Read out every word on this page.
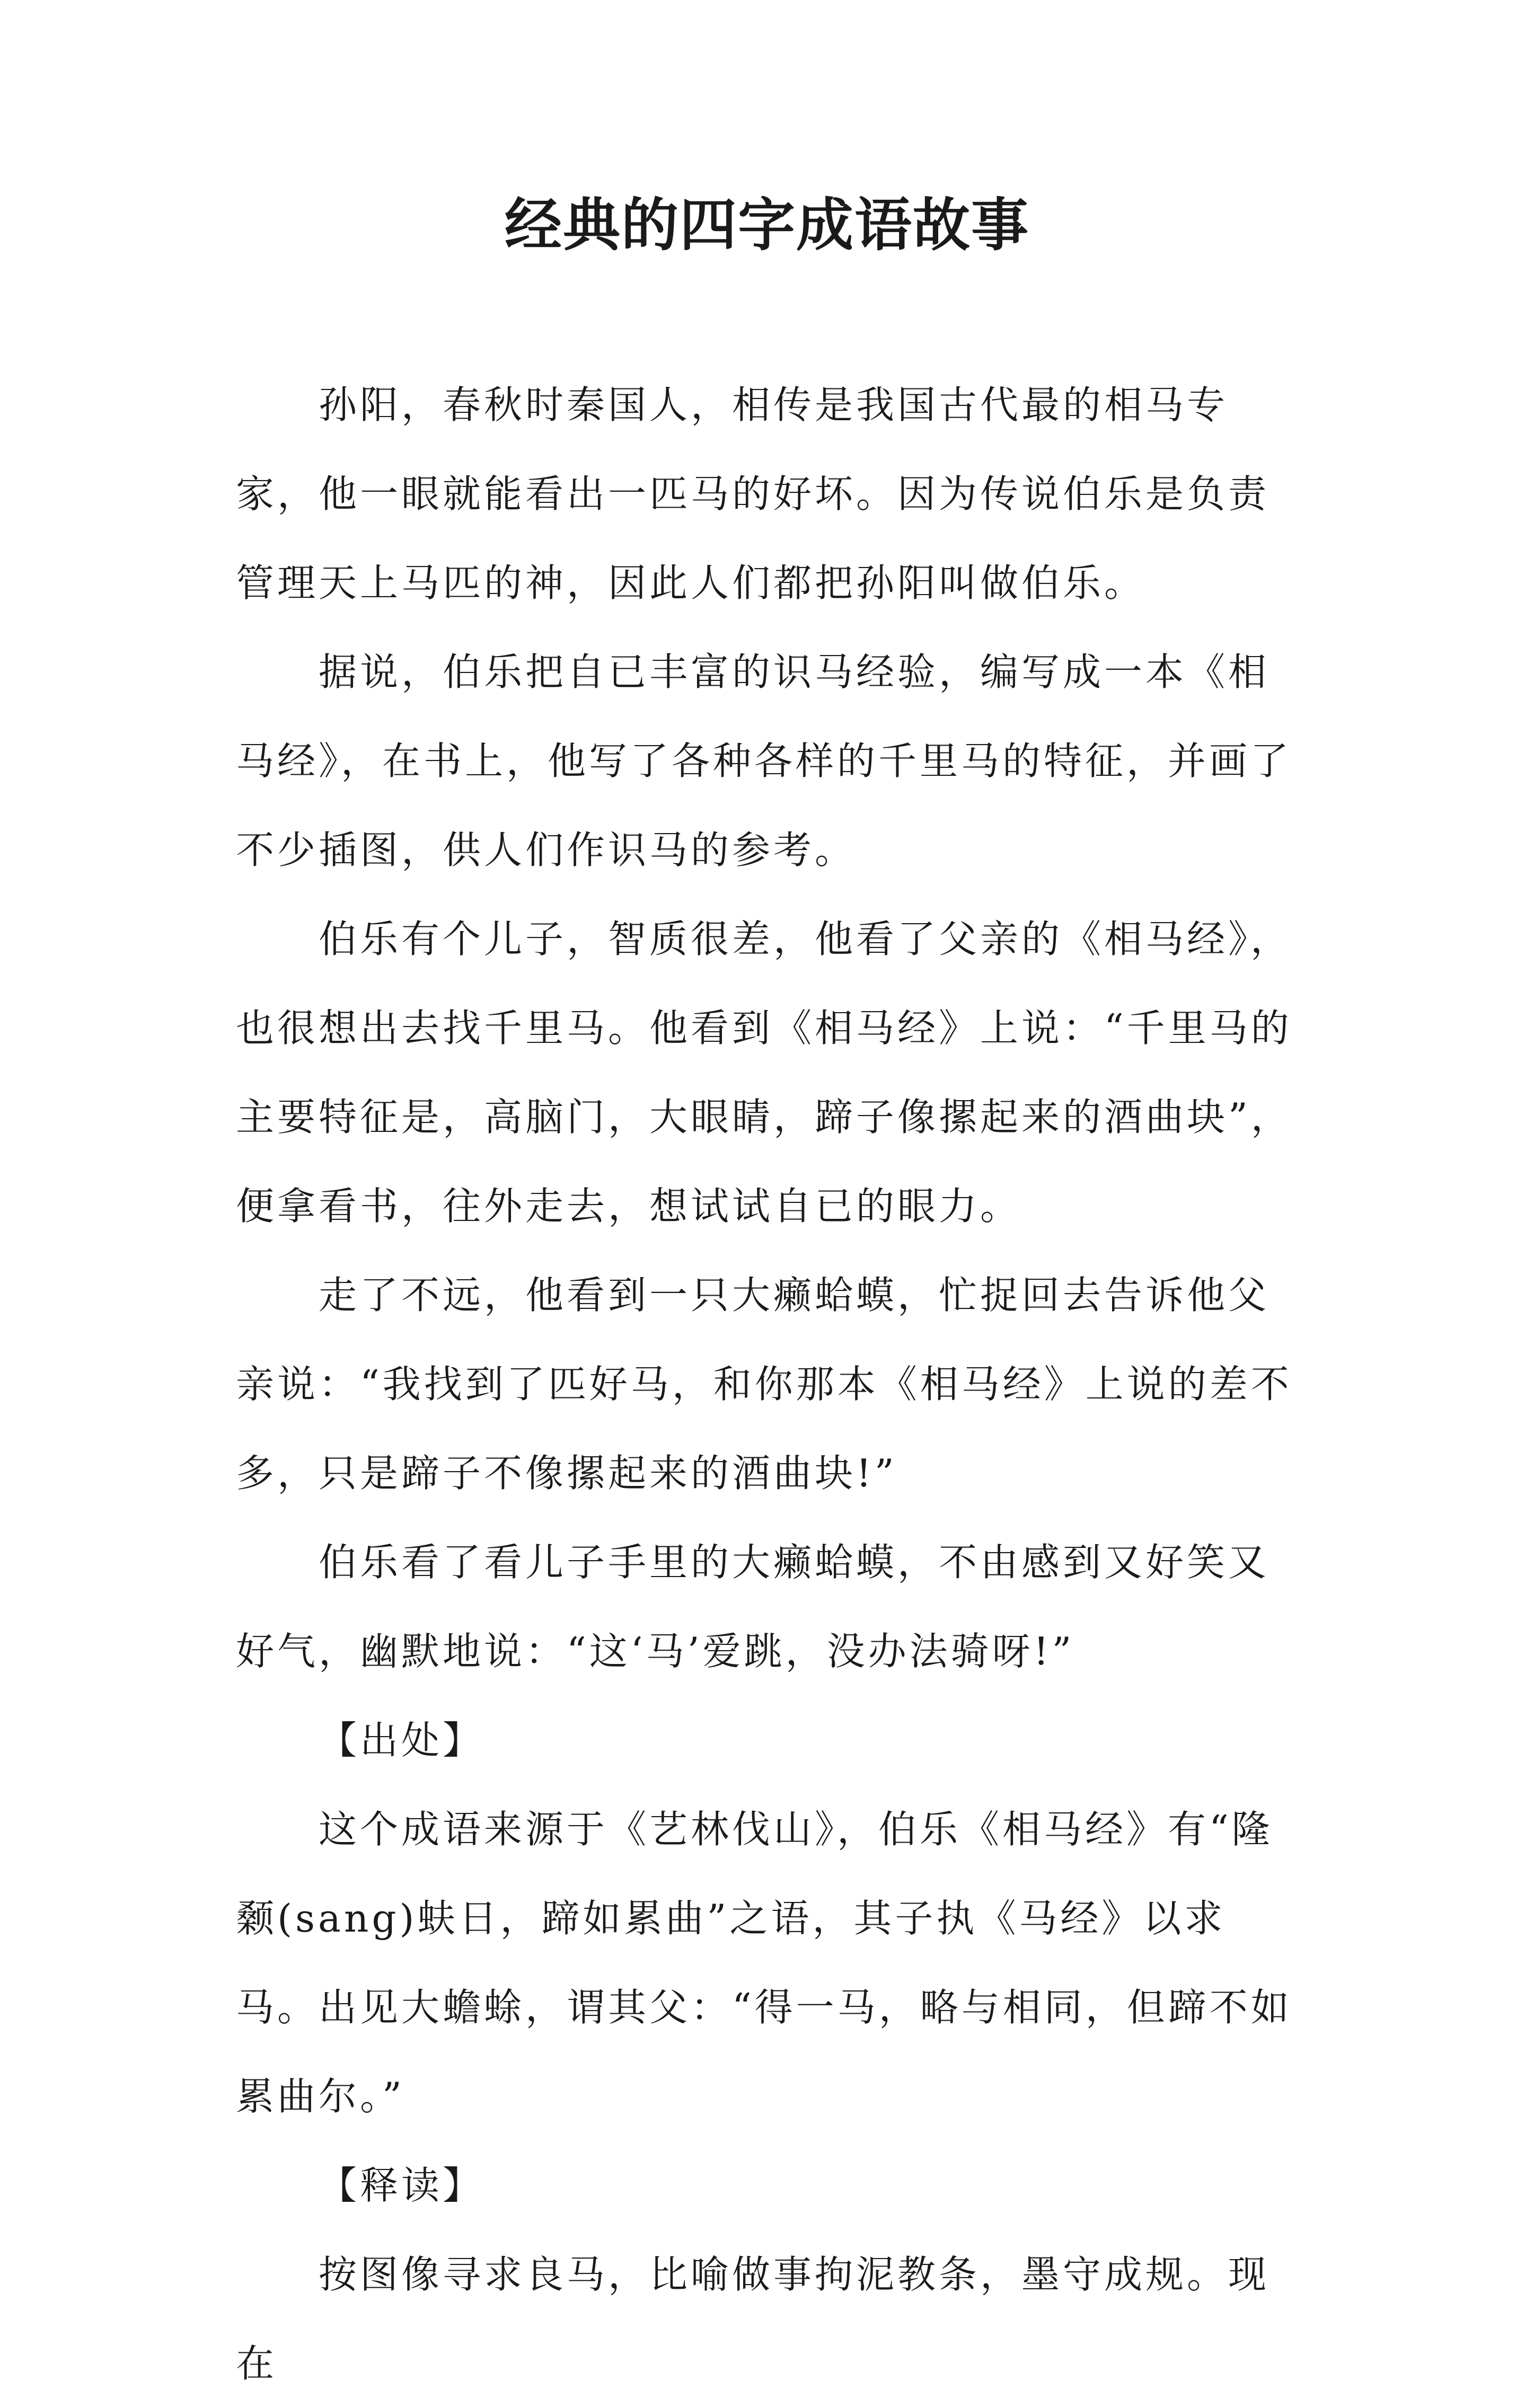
经典的四字成语故事

孙阳，春秋时秦国人，相传是我国古代最的相马专家，他一眼就能看出一匹马的好坏。因为传说伯乐是负责管理天上马匹的神，因此人们都把孙阳叫做伯乐。

据说，伯乐把自已丰富的识马经验，编写成一本《相马经》，在书上，他写了各种各样的千里马的特征，并画了不少插图，供人们作识马的参考。

伯乐有个儿子，智质很差，他看了父亲的《相马经》，也很想出去找千里马。他看到《相马经》上说：“千里马的主要特征是，高脑门，大眼睛，蹄子像摞起来的酒曲块”，便拿看书，往外走去，想试试自已的眼力。

走了不远，他看到一只大癞蛤蟆，忙捉回去告诉他父亲说：“我找到了匹好马，和你那本《相马经》上说的差不多，只是蹄子不像摞起来的酒曲块!”

伯乐看了看儿子手里的大癞蛤蟆，不由感到又好笑又好气，幽默地说：“这‘马’爱跳，没办法骑呀!”

【出处】

这个成语来源于《艺林伐山》，伯乐《相马经》有“隆颡(sang)蚨日，蹄如累曲”之语，其子执《马经》以求马。出见大蟾蜍，谓其父：“得一马，略与相同，但蹄不如累曲尔。”

【释读】

按图像寻求良马，比喻做事拘泥教条，墨守成规。现在
